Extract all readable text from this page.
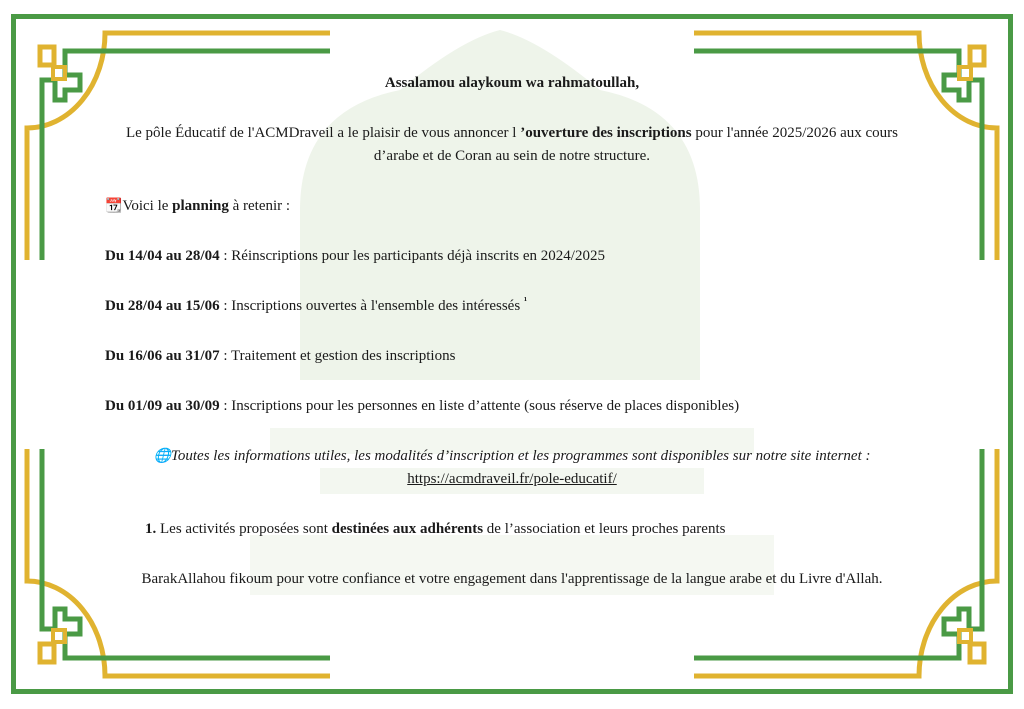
Assalamou alaykoum wa rahmatoullah,
Le pôle Éducatif de l'ACMDraveil a le plaisir de vous annoncer l ’ouverture des inscriptions pour l'année 2025/2026 aux cours d’arabe et de Coran au sein de notre structure.
📆Voici le planning à retenir :
Du 14/04 au 28/04 : Réinscriptions pour les participants déjà inscrits en 2024/2025
Du 28/04 au 15/06 : Inscriptions ouvertes à l'ensemble des intéressés $^{^1}$
Du 16/06 au 31/07 : Traitement et gestion des inscriptions
Du 01/09 au 30/09 : Inscriptions pour les personnes en liste d’attente (sous réserve de places disponibles)
🌐Toutes les informations utiles, les modalités d’inscription et les programmes sont disponibles sur notre site internet : https://acmdraveil.fr/pole-educatif/
1. Les activités proposées sont destinées aux adhérents de l’association et leurs proches parents
BarakAllahou fikoum pour votre confiance et votre engagement dans l'apprentissage de la langue arabe et du Livre d'Allah.
